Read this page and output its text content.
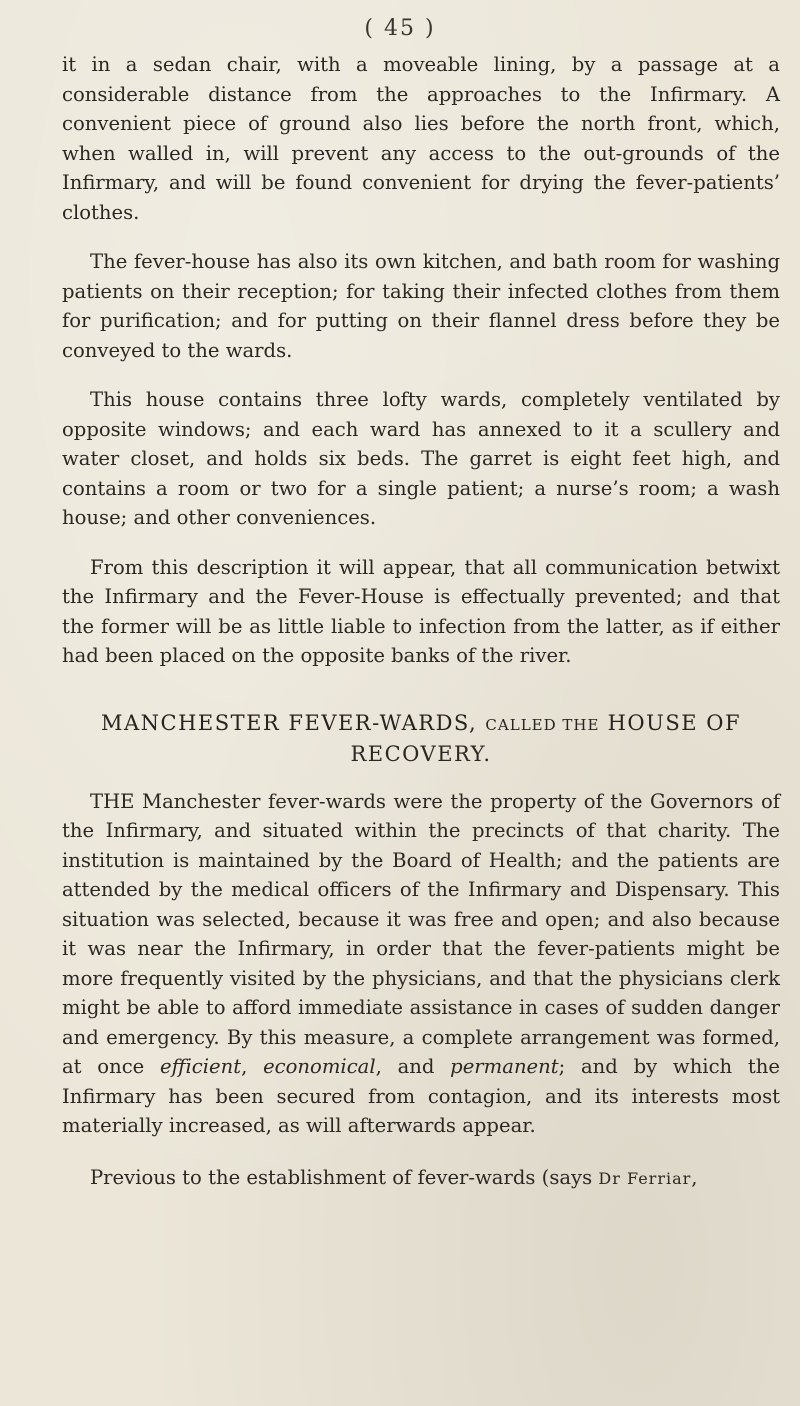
( 45 )

it in a sedan chair, with a moveable lining, by a passage at a considerable distance from the approaches to the Infirmary. A convenient piece of ground also lies before the north front, which, when walled in, will prevent any access to the out-grounds of the Infirmary, and will be found convenient for drying the fever-patients’ clothes.

The fever-house has also its own kitchen, and bath room for washing patients on their reception; for taking their infected clothes from them for purification; and for putting on their flannel dress before they be conveyed to the wards.

This house contains three lofty wards, completely ventilated by opposite windows; and each ward has annexed to it a scullery and water closet, and holds six beds. The garret is eight feet high, and contains a room or two for a single patient; a nurse’s room; a wash house; and other conveniences.

From this description it will appear, that all communication betwixt the Infirmary and the Fever-House is effectually prevented; and that the former will be as little liable to infection from the latter, as if either had been placed on the opposite banks of the river.

MANCHESTER FEVER-WARDS, CALLED THE HOUSE OF
RECOVERY.

THE Manchester fever-wards were the property of the Governors of the Infirmary, and situated within the precincts of that charity. The institution is maintained by the Board of Health; and the patients are attended by the medical officers of the Infirmary and Dispensary. This situation was selected, because it was free and open; and also because it was near the Infirmary, in order that the fever-patients might be more frequently visited by the physicians, and that the physicians clerk might be able to afford immediate assistance in cases of sudden danger and emergency. By this measure, a complete arrangement was formed, at once efficient, economical, and permanent; and by which the Infirmary has been secured from contagion, and its interests most materially increased, as will afterwards appear.

Previous to the establishment of fever-wards (says Dr Ferriar,
